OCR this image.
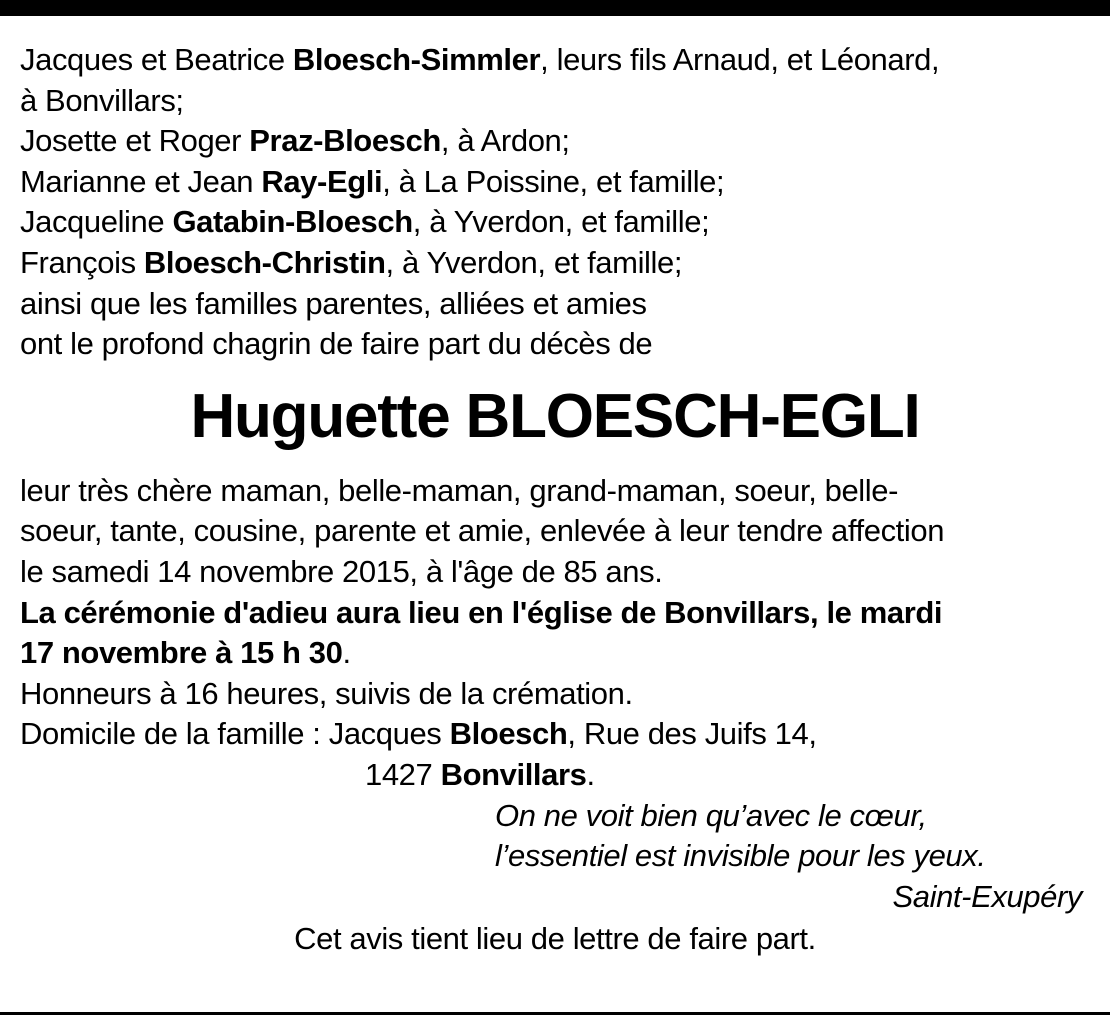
Jacques et Beatrice Bloesch-Simmler, leurs fils Arnaud, et Léonard,
à Bonvillars;
Josette et Roger Praz-Bloesch, à Ardon;
Marianne et Jean Ray-Egli, à La Poissine, et famille;
Jacqueline Gatabin-Bloesch, à Yverdon, et famille;
François Bloesch-Christin, à Yverdon, et famille;
ainsi que les familles parentes, alliées et amies
ont le profond chagrin de faire part du décès de
Huguette BLOESCH-EGLI
leur très chère maman, belle-maman, grand-maman, soeur, belle-
soeur, tante, cousine, parente et amie, enlevée à leur tendre affection
le samedi 14 novembre 2015, à l'âge de 85 ans.
La cérémonie d'adieu aura lieu en l'église de Bonvillars, le mardi
17 novembre à 15 h 30.
Honneurs à 16 heures, suivis de la crémation.
Domicile de la famille : Jacques Bloesch, Rue des Juifs 14,
1427 Bonvillars.
On ne voit bien qu’avec le cœur,
l’essentiel est invisible pour les yeux.
Saint-Exupéry
Cet avis tient lieu de lettre de faire part.
